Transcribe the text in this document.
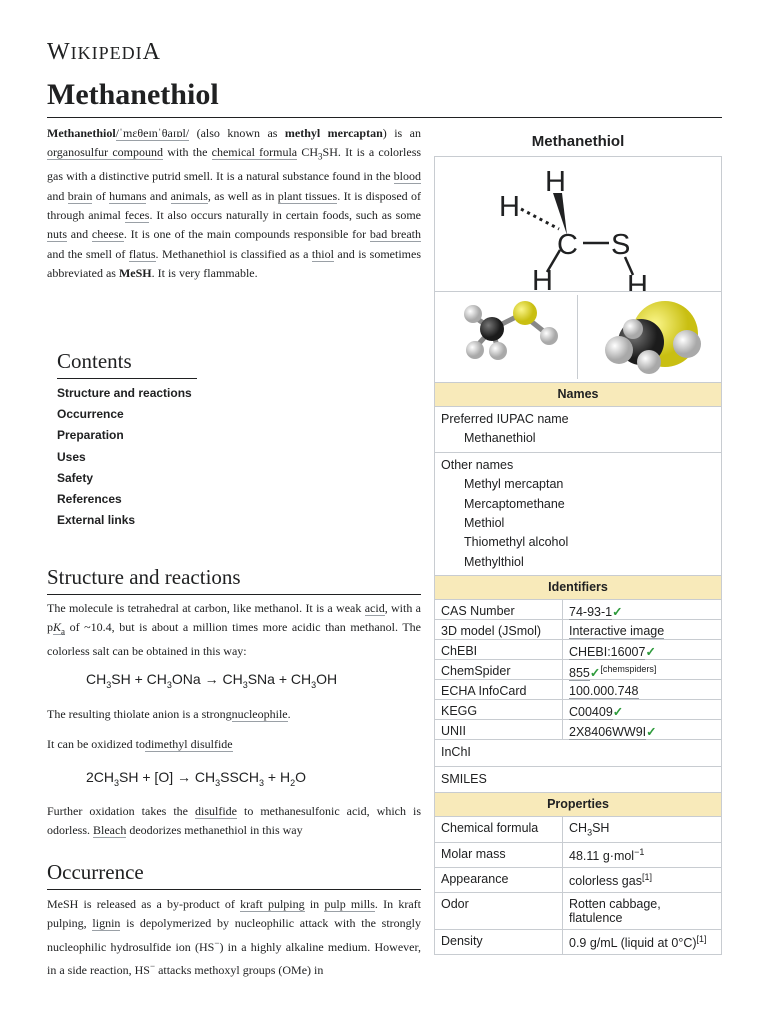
WIKIPEDIA
Methanethiol
Methanethiol/ˈmɛθeɪnˈθaɪɒl/ (also known as methyl mercaptan) is an organosulfur compound with the chemical formula $CH_3SH$. It is a colorless gas with a distinctive putrid smell. It is a natural substance found in the blood and brain of humans and animals, as well as in plant tissues. It is disposed of through animal feces. It also occurs naturally in certain foods, such as some nuts and cheese. It is one of the main compounds responsible for bad breath and the smell of flatus. Methanethiol is classified as a thiol and is sometimes abbreviated as MeSH. It is very flammable.
Contents
Structure and reactions
Occurrence
Preparation
Uses
Safety
References
External links
Structure and reactions
The molecule is tetrahedral at carbon, like methanol. It is a weak acid, with a $pK_a$ of ~10.4, but is about a million times more acidic than methanol. The colorless salt can be obtained in this way:
$CH_3SH + CH_3ONa \to CH_3SNa + CH_3OH$
The resulting thiolate anion is a strongnucleophile.
It can be oxidized todimethyl disulfide
$2CH_3SH + [O]$ → $CH_3SSCH_3 + H_2O$
Further oxidation takes the disulfide to methanesulfonic acid, which is odorless. Bleach deodorizes methanethiol in this way
Occurrence
MeSH is released as a by-product of kraft pulping in pulp mills. In kraft pulping, lignin is depolymerized by nucleophilic attack with the strongly nucleophilic hydrosulfide ion (HS−) in a highly alkaline medium. However, in a side reaction, HS− attacks methoxyl groups (OMe) in
Methanethiol
H
H
C S
H	H
Names
Preferred IUPAC name
Methanethiol
Other names
Methyl mercaptan
Mercaptomethane
Methiol
Thiomethyl alcohol
Methylthiol
Identifiers
CAS Number	74-93-1✓
3D model (JSmol)	Interactive image
ChEBI	CHEBI:16007✓
ChemSpider	855✓[chemspiders]
ECHA InfoCard	100.000.748
KEGG	C00409✓
UNII	2X8406WW9I✓
InChI
SMILES
Properties
Chemical formula	$CH_3SH$
Molar mass	48.11 g·mol$^{-1}$
Appearance	colorless gas[1]
Odor	Rotten cabbage, flatulence
Density	0.9 g/mL (liquid at 0°C)[1]
